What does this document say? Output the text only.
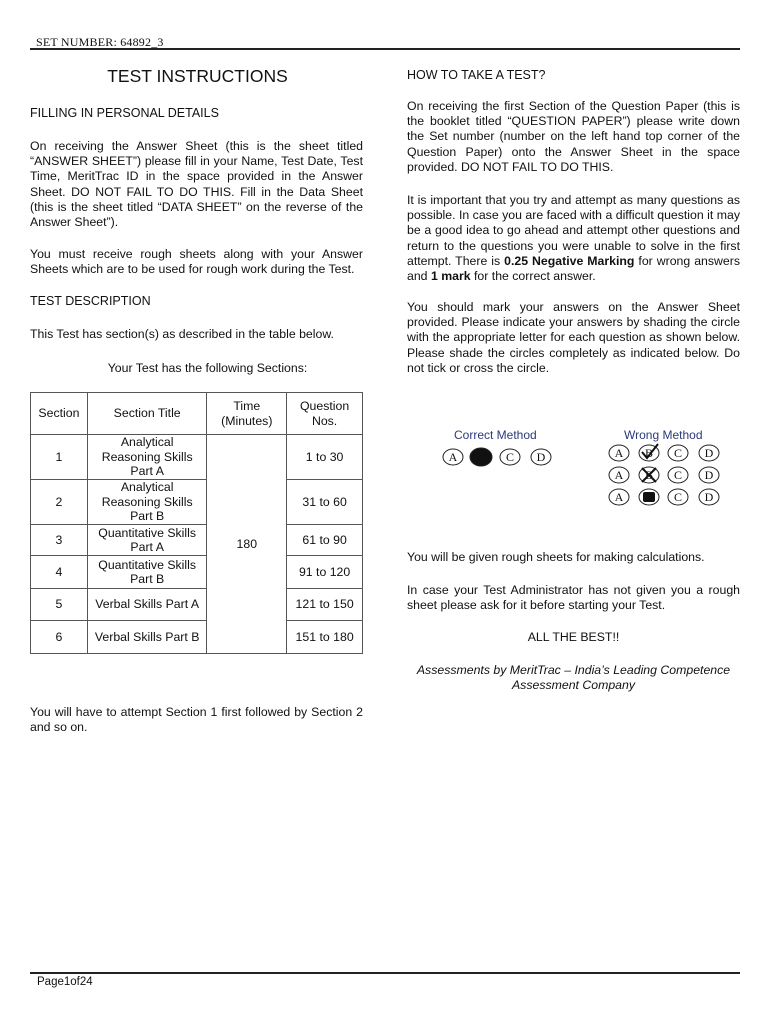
SET NUMBER: 64892_3
TEST INSTRUCTIONS
FILLING IN PERSONAL DETAILS
On receiving the Answer Sheet (this is the sheet titled “ANSWER SHEET”) please fill in your Name, Test Date, Test Time, MeritTrac ID in the space provided in the Answer Sheet. DO NOT FAIL TO DO THIS. Fill in the Data Sheet (this is the sheet titled “DATA SHEET” on the reverse of the Answer Sheet”).
You must receive rough sheets along with your Answer Sheets which are to be used for rough work during the Test.
TEST DESCRIPTION
This Test has section(s) as described in the table below.
Your Test has the following Sections:
Section	Section Title	Time (Minutes)	Question Nos.
1	Analytical Reasoning Skills Part A	180	1 to 30
2	Analytical Reasoning Skills Part B		31 to 60
3	Quantitative Skills Part A		61 to 90
4	Quantitative Skills Part B		91 to 120
5	Verbal Skills Part A		121 to 150
6	Verbal Skills Part B		151 to 180
You will have to attempt Section 1 first followed by Section 2 and so on.
HOW TO TAKE A TEST?
On receiving the first Section of the Question Paper (this is the booklet titled “QUESTION PAPER”) please write down the Set number (number on the left hand top corner of the Question Paper) onto the Answer Sheet in the space provided. DO NOT FAIL TO DO THIS.
It is important that you try and attempt as many questions as possible. In case you are faced with a difficult question it may be a good idea to go ahead and attempt other questions and return to the questions you were unable to solve in the first attempt. There is 0.25 Negative Marking for wrong answers and 1 mark for the correct answer.
You should mark your answers on the Answer Sheet provided. Please indicate your answers by shading the circle with the appropriate letter for each question as shown below. Please shade the circles completely as indicated below. Do not tick or cross the circle.
Correct Method	Wrong Method
A	C D	A B C D
A B C D
A	C D
You will be given rough sheets for making calculations.
In case your Test Administrator has not given you a rough sheet please ask for it before starting your Test.
ALL THE BEST!!
Assessments by MeritTrac – India’s Leading Competence Assessment Company
Page1of24
